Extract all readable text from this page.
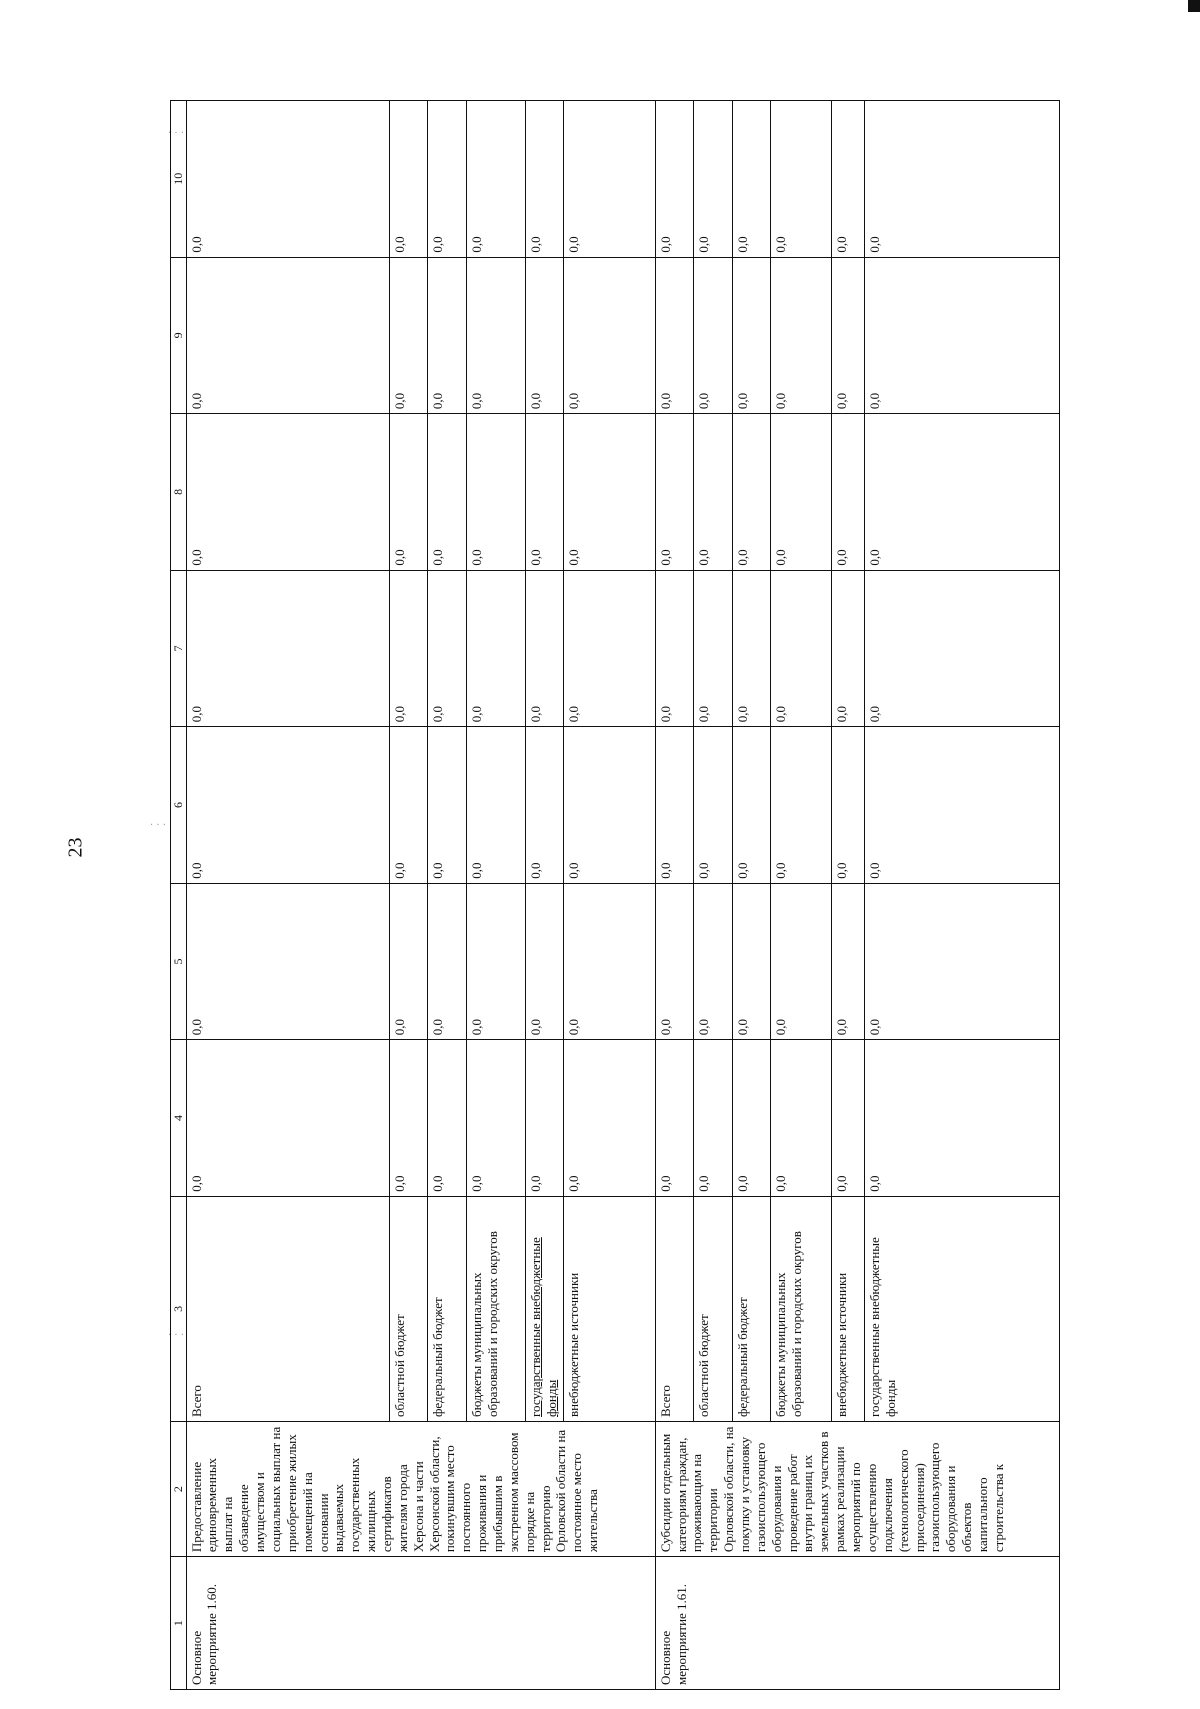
23
· · ·
· · ·
· · ·
1	2	3	4	5	6	7	8	9	10
Основное мероприятие 1.60.	Предоставление единовременных выплат на обзаведение имуществом и социальных выплат на приобретение жилых помещений на основании выдаваемых государственных жилищных сертификатов жителям города Херсона и части Херсонской области, покинувшим место постоянного проживания и прибывшим в экстренном массовом порядке на территорию Орловской области на постоянное место жительства	Всего	0,0	0,0	0,0	0,0	0,0	0,0	0,0
		областной бюджет	0,0	0,0	0,0	0,0	0,0	0,0	0,0
		федеральный бюджет	0,0	0,0	0,0	0,0	0,0	0,0	0,0
		бюджеты муниципальных образований и городских округов	0,0	0,0	0,0	0,0	0,0	0,0	0,0
		государственные внебюджетные фонды	0,0	0,0	0,0	0,0	0,0	0,0	0,0
		внебюджетные источники	0,0	0,0	0,0	0,0	0,0	0,0	0,0
Основное мероприятие 1.61.	Субсидии отдельным категориям граждан, проживающим на территории Орловской области, на покупку и установку газоиспользующего оборудования и проведение работ внутри границ их земельных участков в рамках реализации мероприятий по осуществлению подключения (технологического присоединения) газоиспользующего оборудования и объектов капитального строительства к	Всего	0,0	0,0	0,0	0,0	0,0	0,0	0,0
		областной бюджет	0,0	0,0	0,0	0,0	0,0	0,0	0,0
		федеральный бюджет	0,0	0,0	0,0	0,0	0,0	0,0	0,0
		бюджеты муниципальных образований и городских округов	0,0	0,0	0,0	0,0	0,0	0,0	0,0
		внебюджетные источники	0,0	0,0	0,0	0,0	0,0	0,0	0,0
		государственные внебюджетные фонды	0,0	0,0	0,0	0,0	0,0	0,0	0,0
